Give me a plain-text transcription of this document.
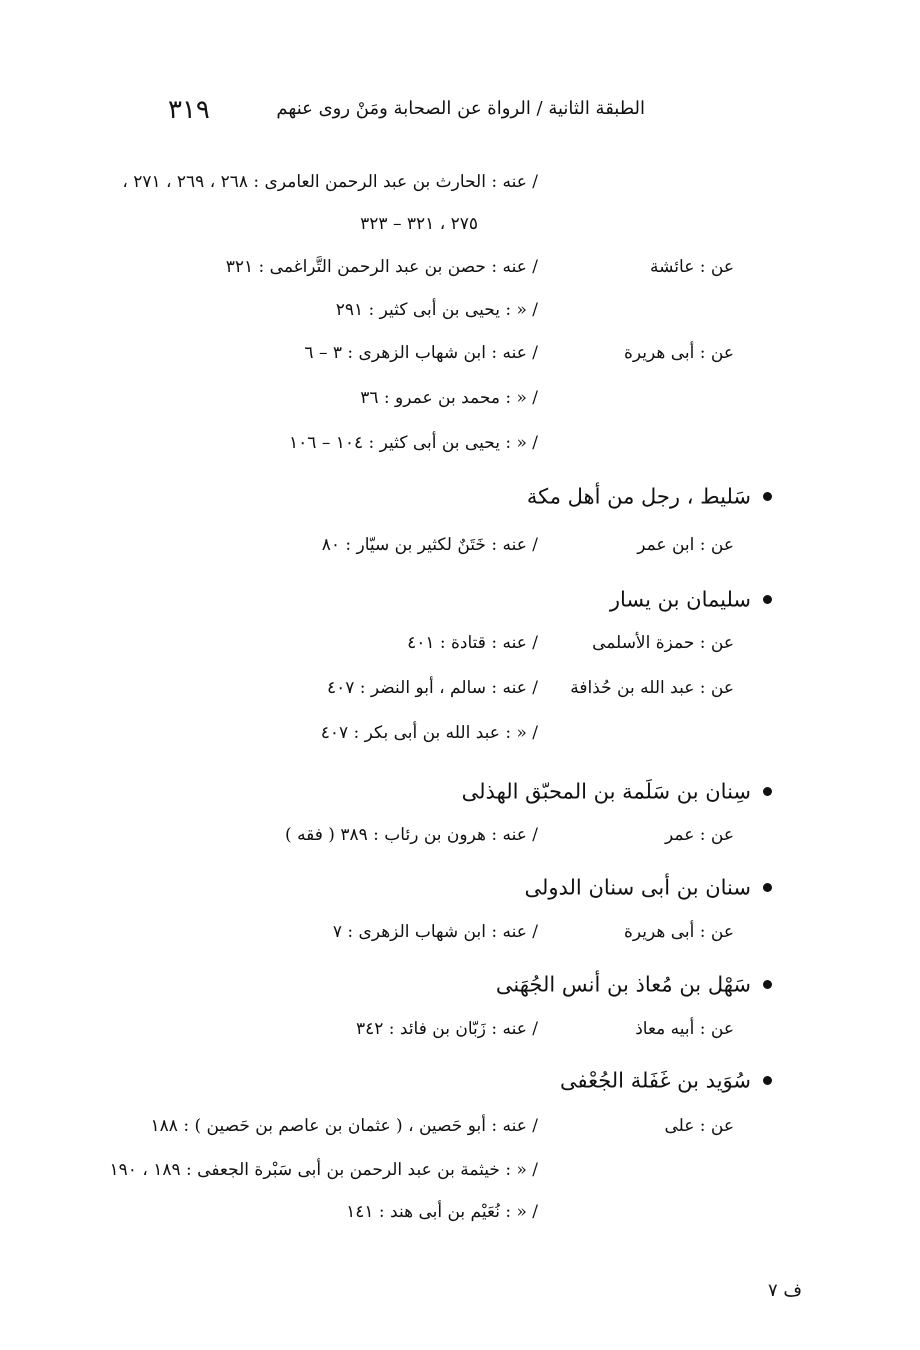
٣١٩	الطبقة الثانية / الرواة عن الصحابة ومَنْ روى عنهم
/ عنه : الحارث بن عبد الرحمن العامرى : ٢٦٨ ، ٢٦٩ ، ٢٧١ ،
٢٧٥ ، ٣٢١ – ٣٢٣
عن : عائشة
/ عنه : حصن بن عبد الرحمن التَّراغمى : ٣٢١
/ « : يحيى بن أبى كثير : ٢٩١
عن : أبى هريرة
/ عنه : ابن شهاب الزهرى : ٣ – ٦
/ « : محمد بن عمرو : ٣٦
/ « : يحيى بن أبى كثير : ١٠٤ – ١٠٦
سَليط ، رجل من أهل مكة
عن : ابن عمر
/ عنه : خَتَنٌ لكثير بن سيّار : ٨٠
سليمان بن يسار
عن : حمزة الأسلمى
/ عنه : قتادة : ٤٠١
عن : عبد الله بن حُذافة
/ عنه : سالم ، أبو النضر : ٤٠٧
/ « : عبد الله بن أبى بكر : ٤٠٧
سِنان بن سَلَمة بن المحبّق الهذلى
عن : عمر
/ عنه : هرون بن رئاب : ٣٨٩ ( فقه )
سنان بن أبى سنان الدولى
عن : أبى هريرة
/ عنه : ابن شهاب الزهرى : ٧
سَهْل بن مُعاذ بن أنس الجُهَنى
عن : أبيه معاذ
/ عنه : زَبّان بن فائد : ٣٤٢
سُوَيد بن غَفَلة الجُعْفى
عن : على
/ عنه : أبو حَصين ، ( عثمان بن عاصم بن حَصين ) : ١٨٨
/ « : خيثمة بن عبد الرحمن بن أبى سَبْرة الجعفى : ١٨٩ ، ١٩٠
/ « : نُعَيْم بن أبى هند : ١٤١
ف ٧
